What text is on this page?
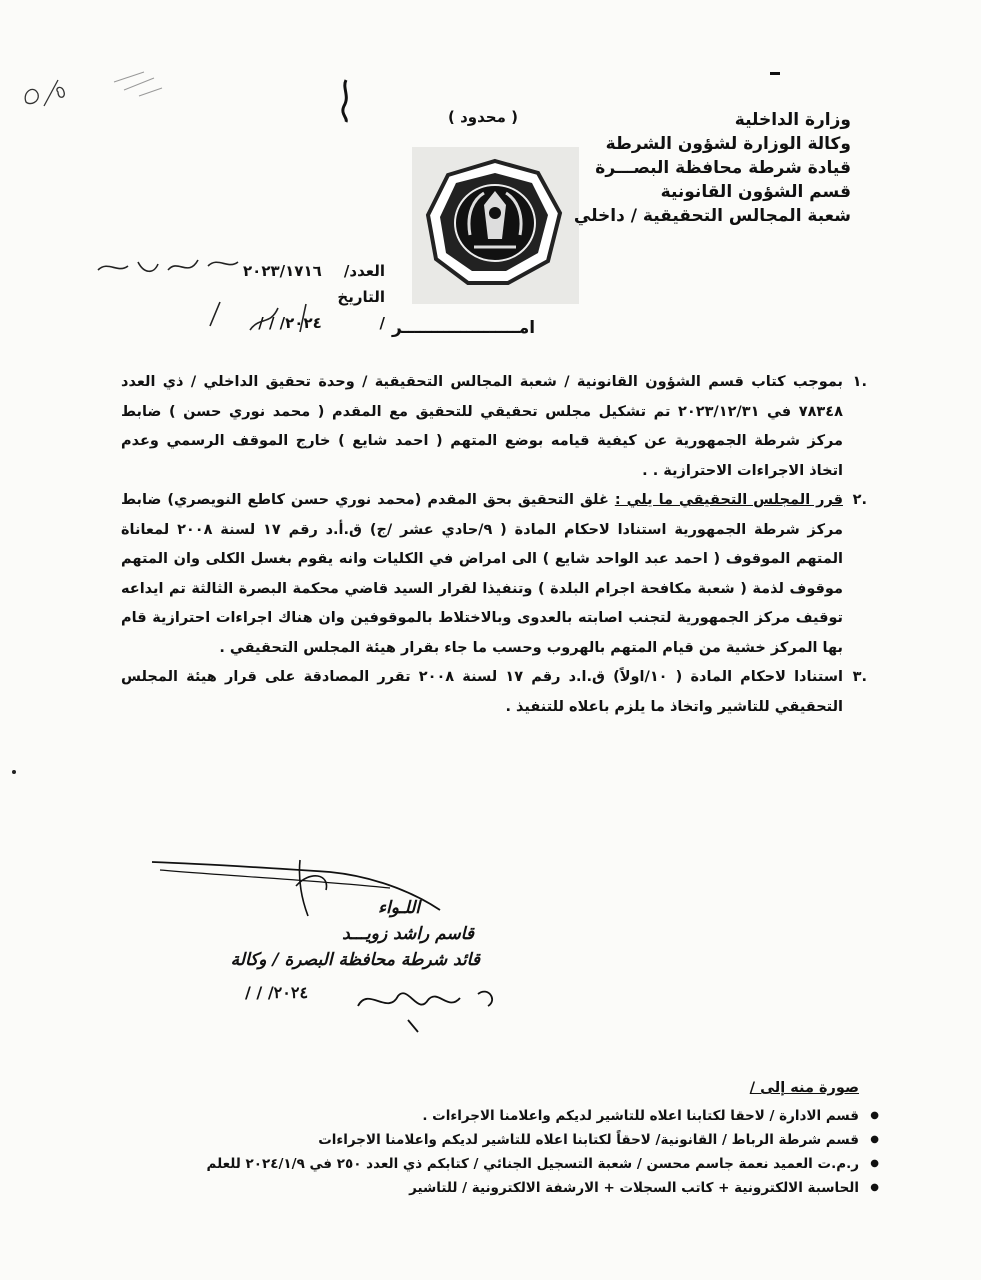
( محدود )	وزارة الداخلية
وكالة الوزارة لشؤون الشرطة
قيادة شرطة محافظة البصـــرة
قسم الشؤون القانونية
شعبة المجالس التحقيقية / داخلي
العدد/ ٢٠٢٣/١٧١٦
التاريخ / ٢٠٢٤/ / /	امــــــــــــــــــــر

.١
بموجب كتاب قسم الشؤون القانونية / شعبة المجالس التحقيقية / وحدة تحقيق الداخلي / ذي العدد ٧٨٣٤٨ في ٢٠٢٣/١٢/٣١ تم تشكيل مجلس تحقيقي للتحقيق مع المقدم ( محمد نوري حسن ) ضابط مركز شرطة الجمهورية عن كيفية قيامه بوضع المتهم ( احمد شايع ) خارج الموقف الرسمي وعدم اتخاذ الاجراءات الاحترازية . .

.٢
قرر المجلس التحقيقي ما يلي : غلق التحقيق بحق المقدم (محمد نوري حسن كاطع النويصري) ضابط مركز شرطة الجمهورية استنادا لاحكام المادة ( ٩/حادي عشر /ج) ق.أ.د رقم ١٧ لسنة ٢٠٠٨ لمعاناة المتهم الموقوف ( احمد عبد الواحد شايع ) الى امراض في الكليات وانه يقوم بغسل الكلى وان المتهم موقوف لذمة ( شعبة مكافحة اجرام البلدة ) وتنفيذا لقرار السيد قاضي محكمة البصرة الثالثة تم ايداعه توقيف مركز الجمهورية لتجنب اصابته بالعدوى وبالاختلاط بالموقوفين وان هناك اجراءات احترازية قام بها المركز خشية من قيام المتهم بالهروب وحسب ما جاء بقرار هيئة المجلس التحقيقي .

.٣
استنادا لاحكام المادة ( ١٠/اولاً) ق.ا.د رقم ١٧ لسنة ٢٠٠٨ تقرر المصادقة على قرار هيئة المجلس التحقيقي للتاشير واتخاذ ما يلزم باعلاه للتنفيذ .

اللـواء
قاسم راشد زويـــد
قائد شرطة محافظة البصرة / وكالة
٢٠٢٤/ / /
صورة منه إلى /
● قسم الادارة / لاحقا لكتابنا اعلاه للتاشير لديكم واعلامنا الاجراءات .
● قسم شرطة الرباط / القانونية/ لاحقاً لكتابنا اعلاه للتاشير لديكم واعلامنا الاجراءات
● ر.م.ت العميد نعمة جاسم محسن / شعبة التسجيل الجنائي / كتابكم ذي العدد ٢٥٠ في ٢٠٢٤/١/٩ للعلم
● الحاسبة الالكترونية + كاتب السجلات + الارشفة الالكترونية / للتاشير
